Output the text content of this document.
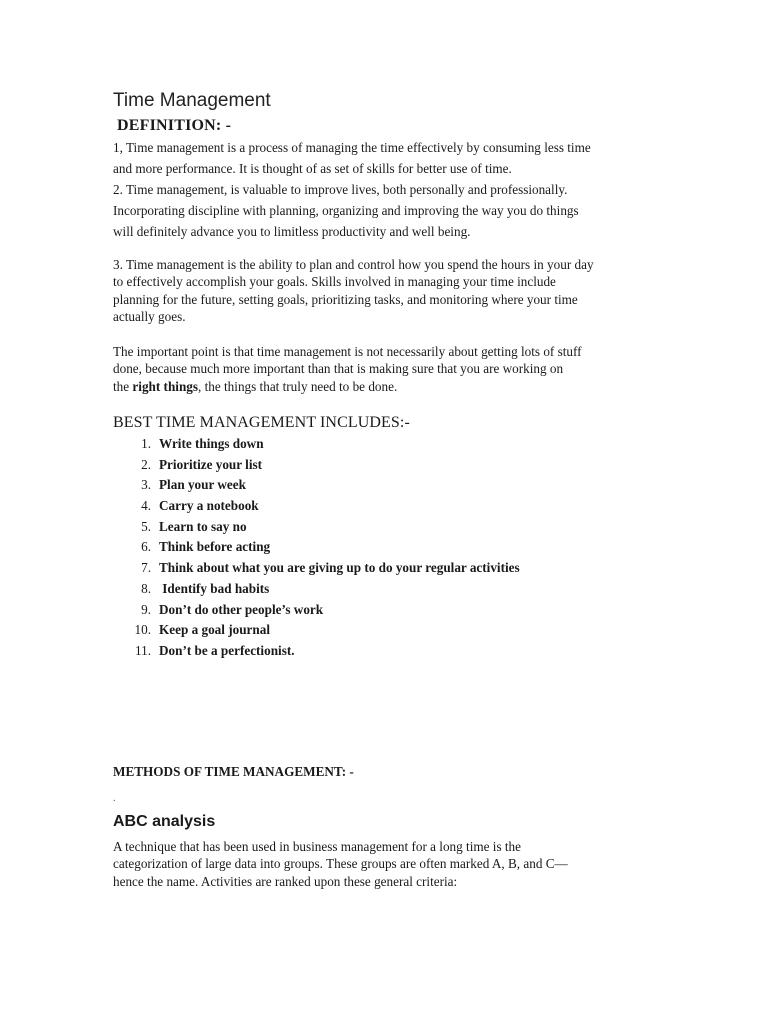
Time Management
DEFINITION: -
1, Time management is a process of managing the time effectively by consuming less time
and more performance. It is thought of as set of skills for better use of time.
2. Time management, is valuable to improve lives, both personally and professionally.
Incorporating discipline with planning, organizing and improving the way you do things
will definitely advance you to limitless productivity and well being.
3. Time management is the ability to plan and control how you spend the hours in your day
to effectively accomplish your goals. Skills involved in managing your time include
planning for the future, setting goals, prioritizing tasks, and monitoring where your time
actually goes.
The important point is that time management is not necessarily about getting lots of stuff
done, because much more important than that is making sure that you are working on
the right things, the things that truly need to be done.
BEST TIME MANAGEMENT INCLUDES:-
1. Write things down
2. Prioritize your list
3. Plan your week
4. Carry a notebook
5. Learn to say no
6. Think before acting
7. Think about what you are giving up to do your regular activities
8. Identify bad habits
9. Don’t do other people’s work
10. Keep a goal journal
11. Don’t be a perfectionist.
METHODS OF TIME MANAGEMENT: -
.
ABC analysis
A technique that has been used in business management for a long time is the
categorization of large data into groups. These groups are often marked A, B, and C—
hence the name. Activities are ranked upon these general criteria:
